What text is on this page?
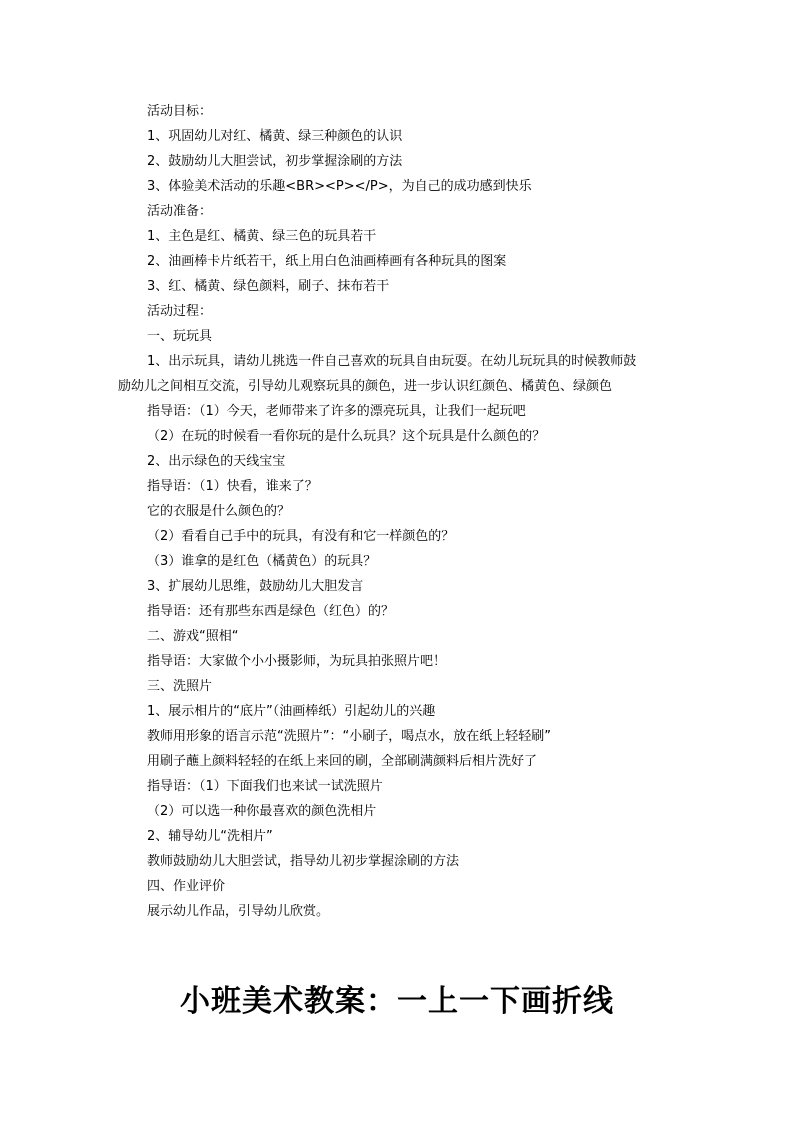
活动目标：
1、巩固幼儿对红、橘黄、绿三种颜色的认识
2、鼓励幼儿大胆尝试，初步掌握涂刷的方法
3、体验美术活动的乐趣<BR><P></P>，为自己的成功感到快乐
活动准备：
1、主色是红、橘黄、绿三色的玩具若干
2、油画棒卡片纸若干，纸上用白色油画棒画有各种玩具的图案
3、红、橘黄、绿色颜料，刷子、抹布若干
活动过程：
一、玩玩具
1、出示玩具，请幼儿挑选一件自己喜欢的玩具自由玩耍。在幼儿玩玩具的时候教师鼓
励幼儿之间相互交流，引导幼儿观察玩具的颜色，进一步认识红颜色、橘黄色、绿颜色
指导语：（1）今天，老师带来了许多的漂亮玩具，让我们一起玩吧
（2）在玩的时候看一看你玩的是什么玩具？这个玩具是什么颜色的？
2、出示绿色的天线宝宝
指导语：（1）快看，谁来了？
它的衣服是什么颜色的？
（2）看看自己手中的玩具，有没有和它一样颜色的？
（3）谁拿的是红色（橘黄色）的玩具？
3、扩展幼儿思维，鼓励幼儿大胆发言
指导语：还有那些东西是绿色（红色）的？
二、游戏“照相“
指导语：大家做个小小摄影师，为玩具拍张照片吧！
三、洗照片
1、展示相片的“底片”（油画棒纸）引起幼儿的兴趣
教师用形象的语言示范“洗照片”：“小刷子，喝点水，放在纸上轻轻刷”
用刷子蘸上颜料轻轻的在纸上来回的刷，全部刷满颜料后相片洗好了
指导语：（1）下面我们也来试一试洗照片
（2）可以选一种你最喜欢的颜色洗相片
2、辅导幼儿“洗相片”
教师鼓励幼儿大胆尝试，指导幼儿初步掌握涂刷的方法
四、作业评价
展示幼儿作品，引导幼儿欣赏。
小班美术教案：一上一下画折线
